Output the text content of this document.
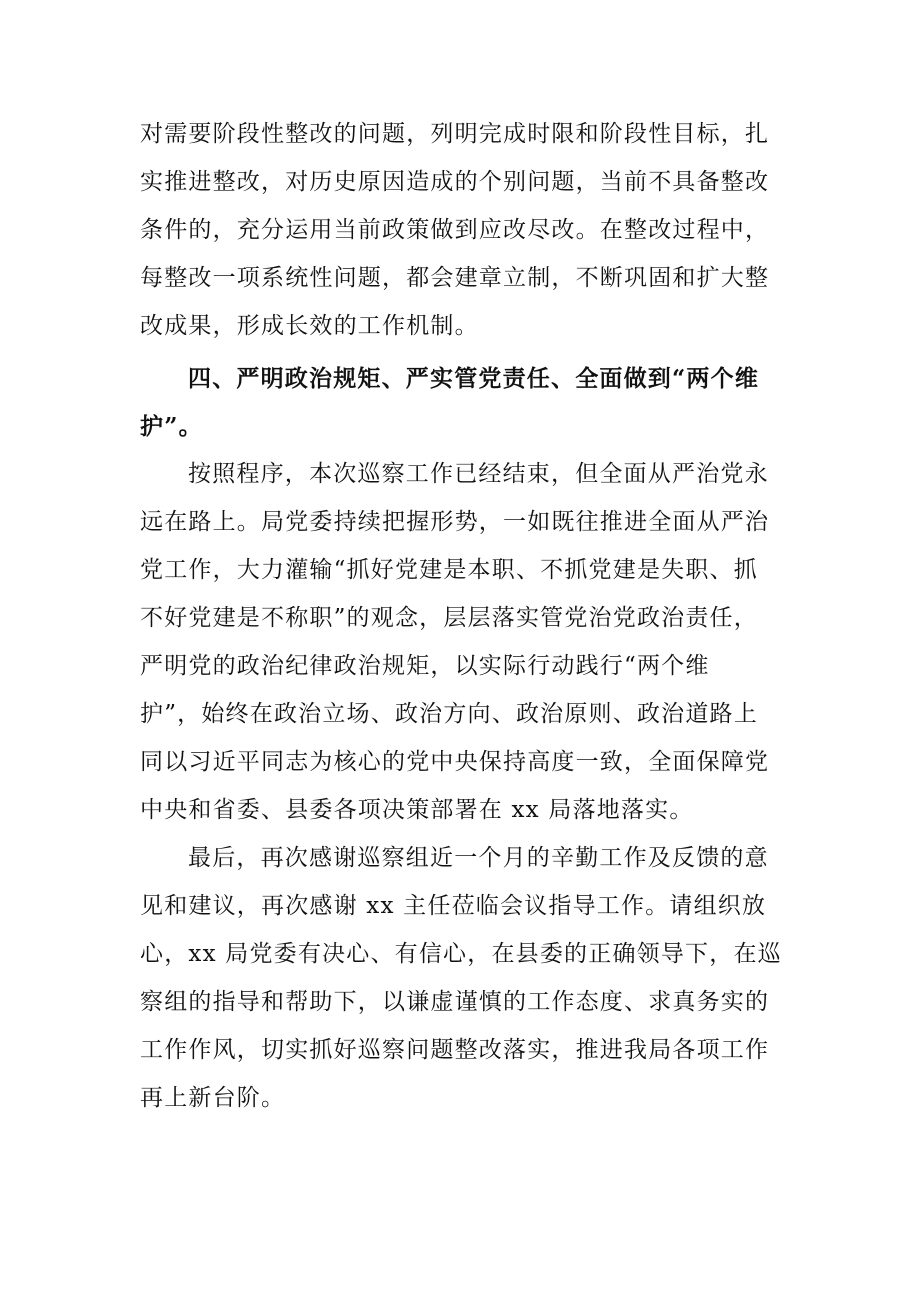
对需要阶段性整改的问题，列明完成时限和阶段性目标，扎
实推进整改，对历史原因造成的个别问题，当前不具备整改
条件的，充分运用当前政策做到应改尽改。在整改过程中，
每整改一项系统性问题，都会建章立制，不断巩固和扩大整
改成果，形成长效的工作机制。
四、严明政治规矩、严实管党责任、全面做到“两个维
护”。
按照程序，本次巡察工作已经结束，但全面从严治党永
远在路上。局党委持续把握形势，一如既往推进全面从严治
党工作，大力灌输“抓好党建是本职、不抓党建是失职、抓
不好党建是不称职”的观念，层层落实管党治党政治责任，
严明党的政治纪律政治规矩，以实际行动践行“两个维
护”，始终在政治立场、政治方向、政治原则、政治道路上
同以习近平同志为核心的党中央保持高度一致，全面保障党
中央和省委、县委各项决策部署在 xx 局落地落实。
最后，再次感谢巡察组近一个月的辛勤工作及反馈的意
见和建议，再次感谢 xx 主任莅临会议指导工作。请组织放
心，xx 局党委有决心、有信心，在县委的正确领导下，在巡
察组的指导和帮助下，以谦虚谨慎的工作态度、求真务实的
工作作风，切实抓好巡察问题整改落实，推进我局各项工作
再上新台阶。
